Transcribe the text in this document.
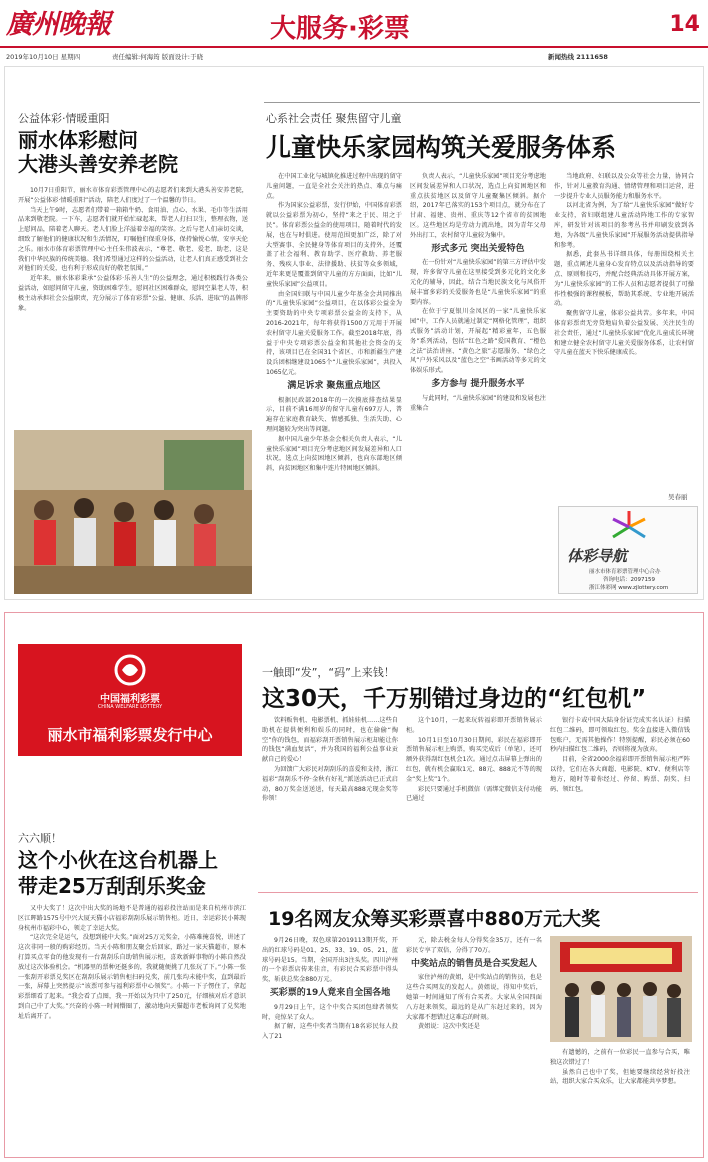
廣州晚報	大服务·彩票	14
2019年10月10日 星期四	责任编辑:何海筠 版面设计:于晓	新闻热线 2111658
公益体彩·情暖重阳
丽水体彩慰问
大港头善安养老院

10月7日重阳节，丽水市体育彩票管理中心的志愿者们来到大港头善安养老院，开展“公益体彩·情暖重阳”活动，陪老人们度过了一个温馨的节日。

当天上午9时，志愿者们带着一箱箱牛奶、食用油、点心、水果、毛巾等生活用品来到敬老院。一下车，志愿者们就开始忙碌起来，帮老人打扫卫生，整理衣物，送上慰问品，陪着老人聊天。老人们脸上洋溢着幸福的笑容。之后与老人们亲切交谈，细致了解他们的健康状况和生活情况，叮嘱他们保重身体，保持愉悦心情，安享天伦之乐。丽水市体育彩票管理中心主任朱伟波表示，“尊老、敬老、爱老、助老，这是我们中华民族的传统美德。我们希望通过这样的公益活动，让老人们真正感受到社会对他们的关爱，也有利于形成良好的敬老氛围。”

近年来，丽水体彩秉承“公益体彩·乐善人生”的公益理念，通过积极践行各类公益活动，如慰问留守儿童，资助困难学生，慰问社区困难群众，慰问空巢老人等，积极主动承担社会公益职责，充分展示了体育彩票“公益、健康、乐活、进取”的品牌形象。

心系社会责任 聚焦留守儿童
儿童快乐家园构筑关爱服务体系

在中国工业化与城镇化推进过程中出现的留守儿童问题，一直是全社会关注的热点、难点与痛点。

作为国家公益彩票，发行伊始，中国体育彩票就以公益彩票为初心，坚持“来之于民、用之于民”。体育彩票公益金的使用项目，随着时代的发展，也在与时俱进。使用范围更加广泛，除了对大型赛事、全民健身等体育项目的支持外，还覆盖了社会福利、教育助学、医疗救助、养老服务、残疾人事业、法律援助、扶贫等众多领域，近年来更是覆盖到留守儿童的方方面面，比如“儿童快乐家园”公益项目。

由全国妇联与中国儿童少年基金会共同推出的“儿童快乐家园”公益项目，在以体彩公益金为主要资助的中央专项彩票公益金的支持下，从2016-2021年，每年将获得1500万元用于开展农村留守儿童关爱服务工作。截至2018年底，得益于中央专项彩票公益金和其他社会资金的支持，该项目已在全国31个省区、市和新疆生产建设兵团相继建设1065个“儿童快乐家园”，共投入1065亿元。

满足诉求 聚焦重点地区

根据民政部2018年的一次摸底排查结果显示，目前不满16周岁的留守儿童有697万人，普遍存在家庭教育缺失、情感孤独、生活失助、心理问题较为突出等问题。

据中国儿童少年基金会相关负责人表示，“儿童快乐家园”项目充分考虑地区间发展差异和人口状况，选点上向贫困地区倾斜，也向东部地区倾斜，向贫困地区和集中连片特困地区倾斜。

负责人表示，“儿童快乐家园”项目充分考虑地区间发展差异和人口状况，选点上向贫困地区和重点扶贫地区以及留守儿童聚集区倾斜。据介绍，2017年已落实的153个项目点，就分布在了甘肃、福建、贵州、重庆等12个省市的贫困地区。这些地区均是劳动力流出地，因为青年父母外出打工，农村留守儿童较为集中。

形式多元 突出关爱特色

在一份针对“儿童快乐家园”的第三方评估中发现，许多留守儿童在这里接受到多元化的文化多元化的辅导，因此，结合当地民族文化与风俗开展丰富多彩的关爱服务也是“儿童快乐家园”的重要内容。

在位于宁夏银川金凤区的一家“儿童快乐家园”中，工作人员就通过制定“网格化管理”，组织式服务”活动计划，开展起“精彩童年，五色服务”系列活动，包括“红色之路”爱国教育、“橙色之法”法治讲座、“黄色之旅”志愿服务、“绿色之风”户外采风以及“蓝色之空”书画活动等多元的文体娱乐形式。

多方参与 提升服务水平

与此同时，“儿童快乐家园”的建设和发展也注重集合

当地政府、妇联以及公众等社会力量，协同合作，针对儿童教育沟通、情绪管理和项目运营，进一步提升专业人员服务能力和服务水平。

以河北省为例，为了给“儿童快乐家园”做好专业支持，省妇联组建儿童活动阵地工作的专家智库，研发针对该项目的参考丛书并印刷发放到各地，为各级“儿童快乐家园”开展服务活动提供指导和参考。

据悉，此套丛书详细具体，每册围绕相关主题，重点阐述儿童身心发育特点以及活动指导的要点、原则和技巧，并配合经典活动具体开展方案，为“儿童快乐家园”的工作人员和志愿者提供了可操作性极强的课程模板，帮助其系统、专业地开展活动。

聚焦留守儿童，体彩公益共苦。多年来，中国体育彩票责无旁贷地肩负着公益发展、关注民生的社会责任，通过“儿童快乐家园”优化儿童成长环境和建立健全农村留守儿童关爱服务体系，让农村留守儿童在蓝天下快乐健康成长。

吴春丽
体彩导航
丽水市体育彩票管理中心合办
咨询电话：2097159
浙江体彩网 www.zjlottery.com
中国福利彩票
CHINA WELFARE LOTTERY
丽水市福利彩票发行中心
六六顺！
这个小伙在这台机器上
带走25万刮刮乐奖金

又中大奖了！这次中出大奖的场地不是普通的福彩投注站而是来自杭州市滨江区江晖路1575号中兴大厦天猫小店福彩刮刮乐展示销售柜。近日，幸运彩民小陈现身杭州市福彩中心，领走了幸运大奖。

“这次完全是运气，没想到能中大奖。”面对25万元奖金，小陈难掩喜悦，讲述了这次非同一般的购彩经历。当天小陈和朋友聚会后回家，路过一家天猫超市，原本打算买点零食的他发现有一台刮刮乐自助销售展示柜，喜欢新鲜事物的小陈自然没放过这次体验机会。“机器里的票种还挺多的，我就随便挑了几张玩了下。”小陈一张一张刮开彩票兑奖区在刮刮乐展示销售柜扫码兑奖，前几张均未能中奖，直到最后一张，屏幕上突然提示“该票可参与福利彩票中心领奖”。小陈一下子愣住了，拿起彩票细看了起来。“我会看了点图，我一开始以为只中了250元，仔细核对后才意识到自己中了大奖。”兴奋的小陈一时间懵圈了，激动地向天猫超市老板询问了兑奖地址后离开了。

一触即“发”，“码”上来钱！
这30天，千万别错过身边的“红包机”

饮料贩售机、电影票机、抓娃娃机……这些自助机在提供便利和娱乐的同时，也在偷偷“掏空”你的钱包，而福彩刮开票销售展示柜却能让你的钱包“满血复活”，并为我国的福利公益事业贡献自己的爱心！

为回馈广大彩民对刮刮乐的喜爱和支持，浙江福彩“刮刮乐不停·金秋有好礼”派送活动已正式启动，80万奖金送送送，每天最高888元现金奖等你领！

这个10月，一起来玩转福彩即开票销售展示柜。

10月1日至10月30日期间，彩民在福彩即开票销售展示柜上购票，购买完成后（单笔），还可额外获得刮红包机会1次。通过点击屏幕上弹出的红包，就有机会赢取1元、88元、888元不等的现金“奖上奖”1个。

彩民只要通过手机微信（需绑定微信支付功能已通过

银行卡或中国大陆身份证完成实名认证）扫描红包二维码，即可领取红包。奖金直接进入微信钱包账户，无需其他操作！特别提醒，彩民必须在60秒内扫描红包二维码，否则将视为放弃。

目前，全省2000余福彩即开票销售展示柜严阵以待，它们在各大商超、电影院、KTV、便利店等地方，随时等着你经过、停留、购票、刮奖、扫码、领红包。

19名网友众筹买彩票喜中880万元大奖

9月26日晚，双色球第2019113期开奖，开出的红球号码是01、25、33、19、05、21，蓝球号码是15。当期，全国开出3注头奖。四川泸州的一个彩票店传来佳音，有彩民合买彩票中得头奖，斩获总奖金880万元。

买彩票的19人竟来自全国各地

9月29日上午，这个中奖合买团包肆者领奖时，竟惊呆了众人。

据了解，这些中奖者当期有18名彩民每人投入了21

元，除去税金每人分得奖金35万，还有一名彩民专享了双倍，分得了70万。

中奖站点的销售员是合买发起人

家住泸州的黄姐，是中奖站点的销售员，也是这些合买网友的发起人。黄姐说，得知中奖后，她第一时间通知了所有合买者。大家从全国四面八方赶来领奖，最远的是从广东赶过来的，因为大家都不想错过这难忘的时刻。

黄姐说：这次中奖还是

有遗憾的，之前有一位彩民一直参与合买，唯独这次错过了！

虽然自己也中了奖，但她要继续经营好投注站，组织大家合买众乐，让大家都能共享梦想。
